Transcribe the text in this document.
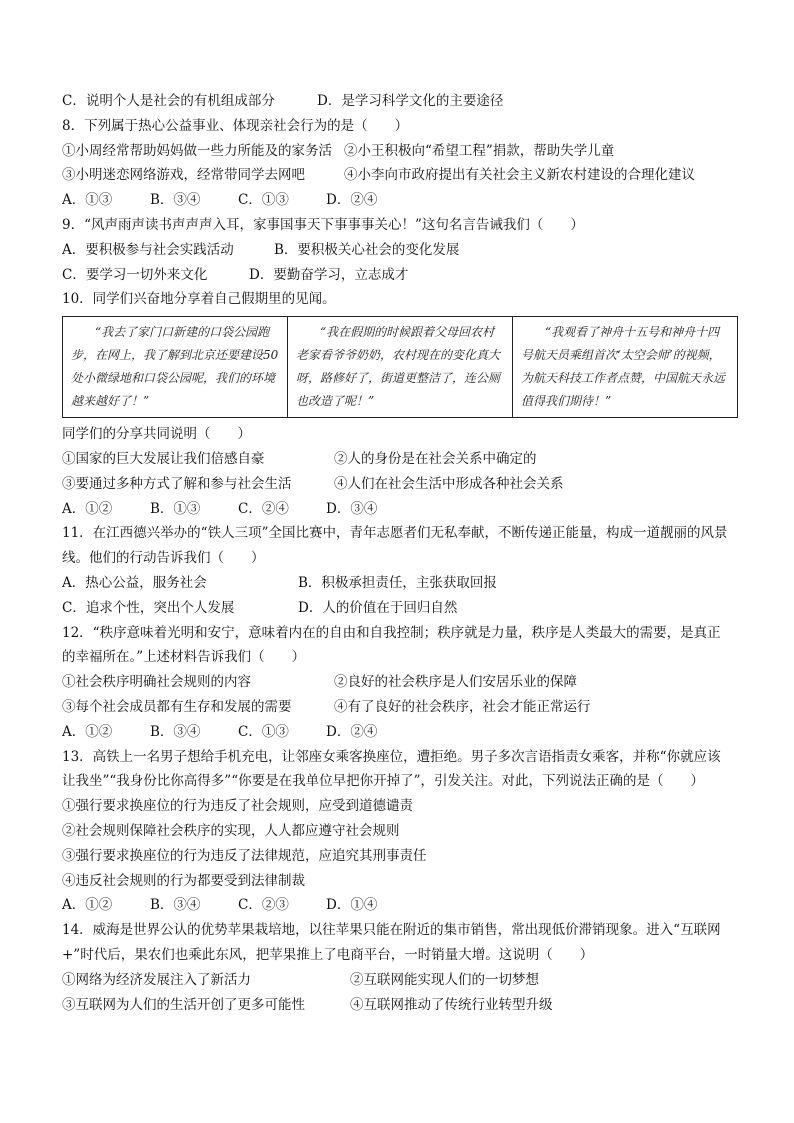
C．说明个人是社会的有机组成部分	D．是学习科学文化的主要途径
8．下列属于热心公益事业、体现亲社会行为的是（　　）
①小周经常帮助妈妈做一些力所能及的家务活 ②小王积极向“希望工程”捐款，帮助失学儿童
③小明迷恋网络游戏，经常带同学去网吧	④小李向市政府提出有关社会主义新农村建设的合理化建议
A．①③	B．③④	C．①③	D．②④
9．“风声雨声读书声声声入耳，家事国事天下事事事关心！”这句名言告诫我们（　　）
A．要积极参与社会实践活动	B．要积极关心社会的变化发展
C．要学习一切外来文化	D．要勤奋学习，立志成才
10．同学们兴奋地分享着自己假期里的见闻。
“我去了家门口新建的口袋公园跑步，在网上，我了解到北京还要建设50处小微绿地和口袋公园呢，我们的环境越来越好了！”
“我在假期的时候跟着父母回农村老家看爷爷奶奶，农村现在的变化真大呀，路修好了，街道更整洁了，连公厕也改造了呢！”
“我观看了神舟十五号和神舟十四号航天员乘组首次‘太空会师’的视频，为航天科技工作者点赞，中国航天永远值得我们期待！”
同学们的分享共同说明（　　）
①国家的巨大发展让我们倍感自豪	②人的身份是在社会关系中确定的
③要通过多种方式了解和参与社会生活	④人们在社会生活中形成各种社会关系
A．①②	B．①③	C．②④	D．③④
11．在江西德兴举办的“铁人三项”全国比赛中，青年志愿者们无私奉献，不断传递正能量，构成一道靓丽的风景线。他们的行动告诉我们（　　）
A．热心公益，服务社会	B．积极承担责任，主张获取回报
C．追求个性，突出个人发展	D．人的价值在于回归自然
12．“秩序意味着光明和安宁，意味着内在的自由和自我控制；秩序就是力量，秩序是人类最大的需要，是真正的幸福所在。”上述材料告诉我们（　　）
①社会秩序明确社会规则的内容	②良好的社会秩序是人们安居乐业的保障
③每个社会成员都有生存和发展的需要	④有了良好的社会秩序，社会才能正常运行
A．①②	B．③④	C．①③	D．②④
13．高铁上一名男子想给手机充电，让邻座女乘客换座位，遭拒绝。男子多次言语指责女乘客，并称“你就应该让我坐”“我身份比你高得多”“你要是在我单位早把你开掉了”，引发关注。对此，下列说法正确的是（　　）
①强行要求换座位的行为违反了社会规则，应受到道德谴责
②社会规则保障社会秩序的实现，人人都应遵守社会规则
③强行要求换座位的行为违反了法律规范，应追究其刑事责任
④违反社会规则的行为都要受到法律制裁
A．①②	B．③④	C．②③	D．①④
14．威海是世界公认的优势苹果栽培地，以往苹果只能在附近的集市销售，常出现低价滞销现象。进入“互联网+”时代后，果农们也乘此东风，把苹果推上了电商平台，一时销量大增。这说明（　　）
①网络为经济发展注入了新活力	②互联网能实现人们的一切梦想
③互联网为人们的生活开创了更多可能性	④互联网推动了传统行业转型升级
